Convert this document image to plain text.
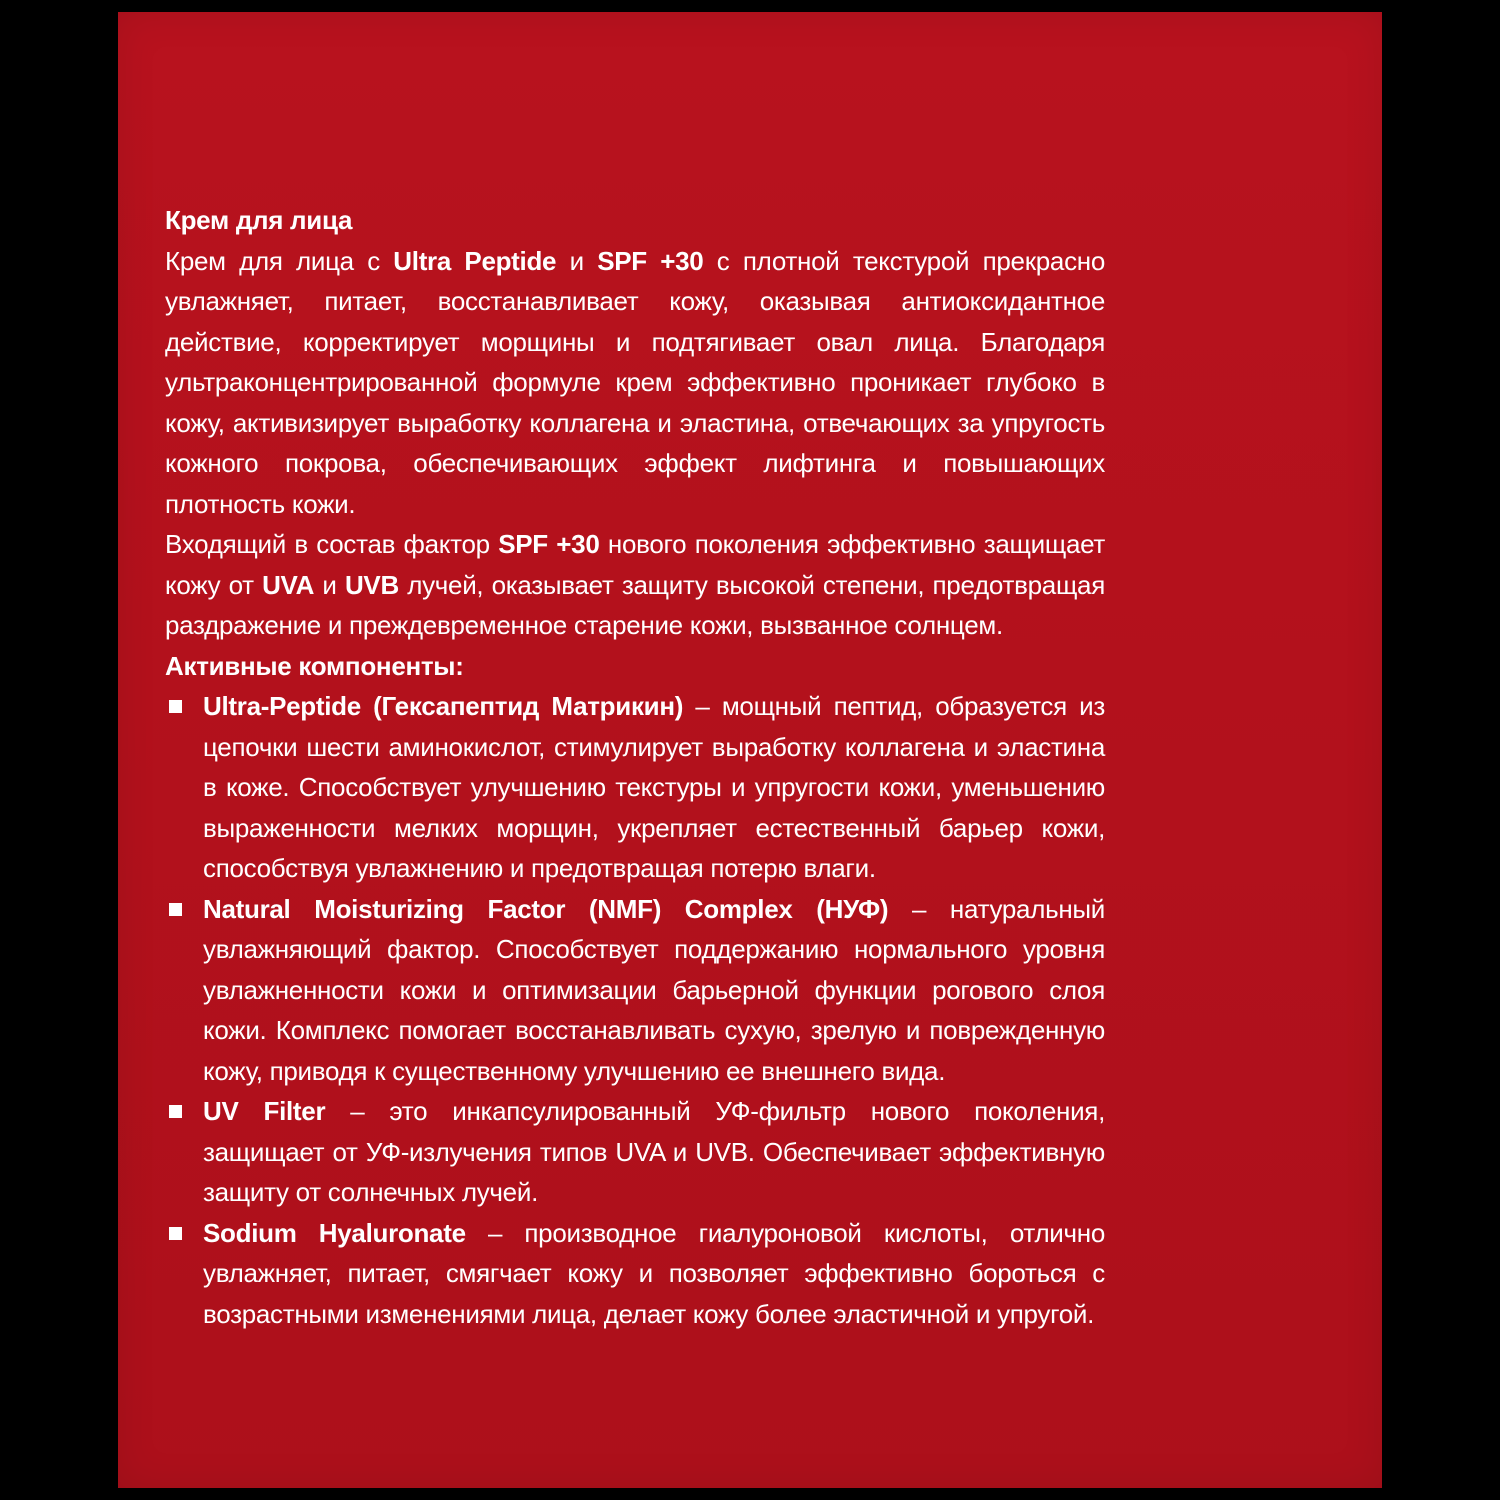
Крем для лица

Крем для лица с Ultra Peptide и SPF +30 с плотной текстурой прекрасно увлажняет, питает, восстанавливает кожу, оказывая антиоксидантное действие, корректирует морщины и подтягивает овал лица. Благодаря ультраконцентрированной формуле крем эффективно проникает глубоко в кожу, активизирует выработку коллагена и эластина, отвечающих за упругость кожного покрова, обеспечивающих эффект лифтинга и повышающих плотность кожи.

Входящий в состав фактор SPF +30 нового поколения эффективно защищает кожу от UVA и UVB лучей, оказывает защиту высокой степени, предотвращая раздражение и преждевременное старение кожи, вызванное солнцем.

Активные компоненты:

Ultra-Peptide (Гексапептид Матрикин) – мощный пептид, образуется из цепочки шести аминокислот, стимулирует выработку коллагена и эластина в коже. Способствует улучшению текстуры и упругости кожи, уменьшению выраженности мелких морщин, укрепляет естественный барьер кожи, способствуя увлажнению и предотвращая потерю влаги.

Natural Moisturizing Factor (NMF) Complex (НУФ) – натуральный увлажняющий фактор. Способствует поддержанию нормального уровня увлажненности кожи и оптимизации барьерной функции рогового слоя кожи. Комплекс помогает восстанавливать сухую, зрелую и поврежденную кожу, приводя к существенному улучшению ее внешнего вида.

UV Filter – это инкапсулированный УФ-фильтр нового поколения, защищает от УФ-излучения типов UVA и UVB. Обеспечивает эффективную защиту от солнечных лучей.

Sodium Hyaluronate – производное гиалуроновой кислоты, отлично увлажняет, питает, смягчает кожу и позволяет эффективно бороться с возрастными изменениями лица, делает кожу более эластичной и упругой.
